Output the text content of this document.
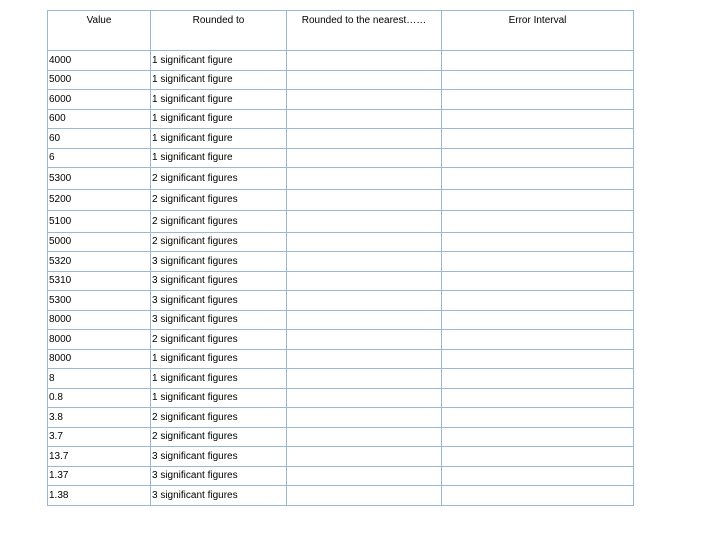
Value	Rounded to	Rounded to the nearest……	Error Interval
4000	1 significant figure		
5000	1 significant figure		
6000	1 significant figure		
600	1 significant figure		
60	1 significant figure		
6	1 significant figure		
5300	2 significant figures		
5200	2 significant figures		
5100	2 significant figures		
5000	2 significant figures		
5320	3 significant figures		
5310	3 significant figures		
5300	3 significant figures		
8000	3 significant figures		
8000	2 significant figures		
8000	1 significant figures		
8	1 significant figures		
0.8	1 significant figures		
3.8	2 significant figures		
3.7	2 significant figures		
13.7	3 significant figures		
1.37	3 significant figures		
1.38	3 significant figures		
